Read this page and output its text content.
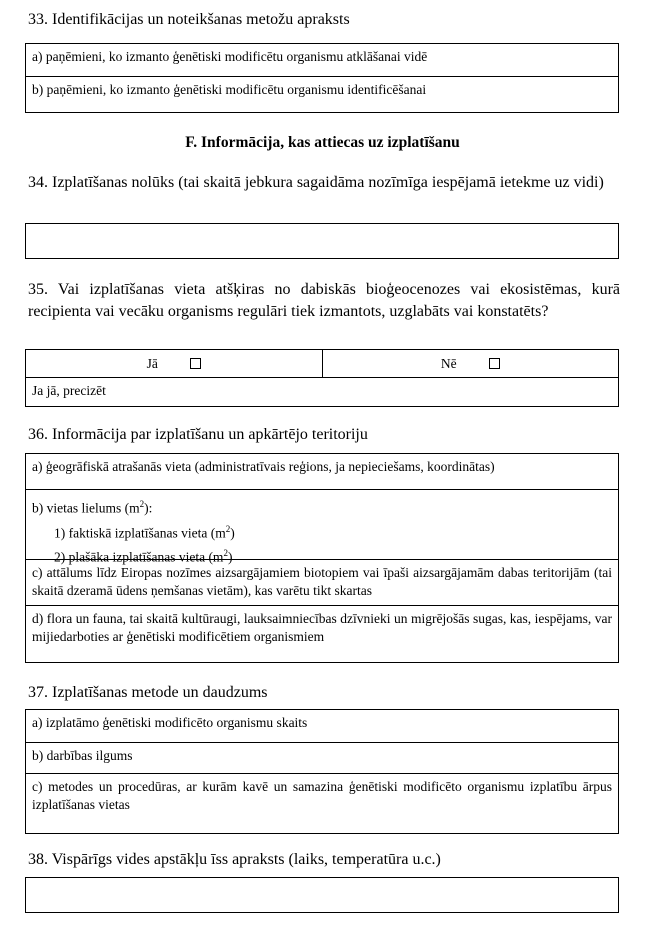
33. Identifikācijas un noteikšanas metožu apraksts
a) paņēmieni, ko izmanto ģenētiski modificētu organismu atklāšanai vidē
b) paņēmieni, ko izmanto ģenētiski modificētu organismu identificēšanai
F. Informācija, kas attiecas uz izplatīšanu
34. Izplatīšanas nolūks (tai skaitā jebkura sagaidāma nozīmīga iespējamā ietekme uz vidi)
35. Vai izplatīšanas vieta atšķiras no dabiskās bioģeocenozes vai ekosistēmas, kurā recipienta vai vecāku organisms regulāri tiek izmantots, uzglabāts vai konstatēts?
Jā	Nē
Ja jā, precizēt
36. Informācija par izplatīšanu un apkārtējo teritoriju
a) ģeogrāfiskā atrašanās vieta (administratīvais reģions, ja nepieciešams, koordinātas)
b) vietas lielums $(m^2)$:
1) faktiskā izplatīšanas vieta $(m^2)$
2) plašāka izplatīšanas vieta $(m^2)$
c) attālums līdz Eiropas nozīmes aizsargājamiem biotopiem vai īpaši aizsargājamām dabas teritorijām (tai skaitā dzeramā ūdens ņemšanas vietām), kas varētu tikt skartas
d) flora un fauna, tai skaitā kultūraugi, lauksaimniecības dzīvnieki un migrējošās sugas, kas, iespējams, var mijiedarboties ar ģenētiski modificētiem organismiem
37. Izplatīšanas metode un daudzums
a) izplatāmo ģenētiski modificēto organismu skaits
b) darbības ilgums
c) metodes un procedūras, ar kurām kavē un samazina ģenētiski modificēto organismu izplatību ārpus izplatīšanas vietas
38. Vispārīgs vides apstākļu īss apraksts (laiks, temperatūra u.c.)
